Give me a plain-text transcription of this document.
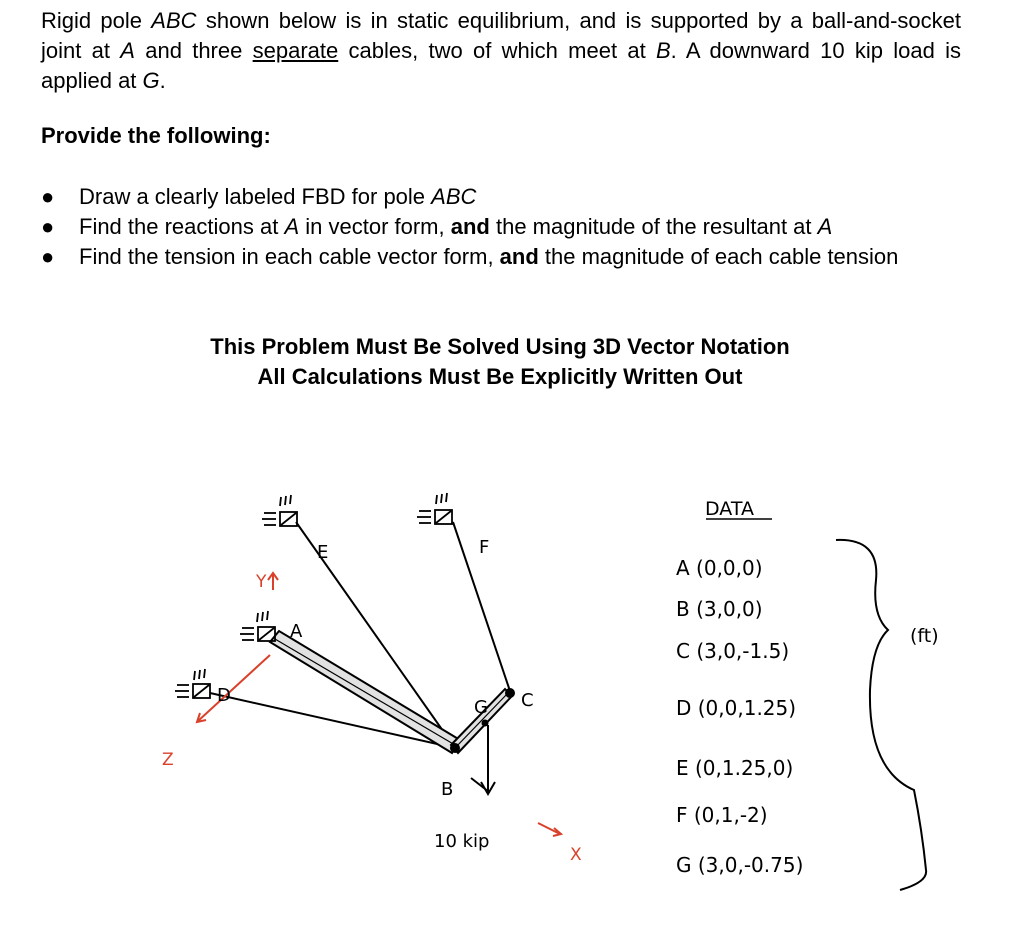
Rigid pole ABC shown below is in static equilibrium, and is supported by a ball-and-socket joint at A and three separate cables, two of which meet at B. A downward 10 kip load is applied at G.
Provide the following:
●	Draw a clearly labeled FBD for pole ABC
●	Find the reactions at A in vector form, and the magnitude of the resultant at A
●	Find the tension in each cable vector form, and the magnitude of each cable tension
This Problem Must Be Solved Using 3D Vector Notation
All Calculations Must Be Explicitly Written Out
E	F
A
D
G C
B
10 kip
Y
Z
X
DATA
A (0,0,0)
B (3,0,0)
C (3,0,-1.5)
D (0,0,1.25)
E (0,1.25,0)
F (0,1,-2)
G (3,0,-0.75)
(ft)
